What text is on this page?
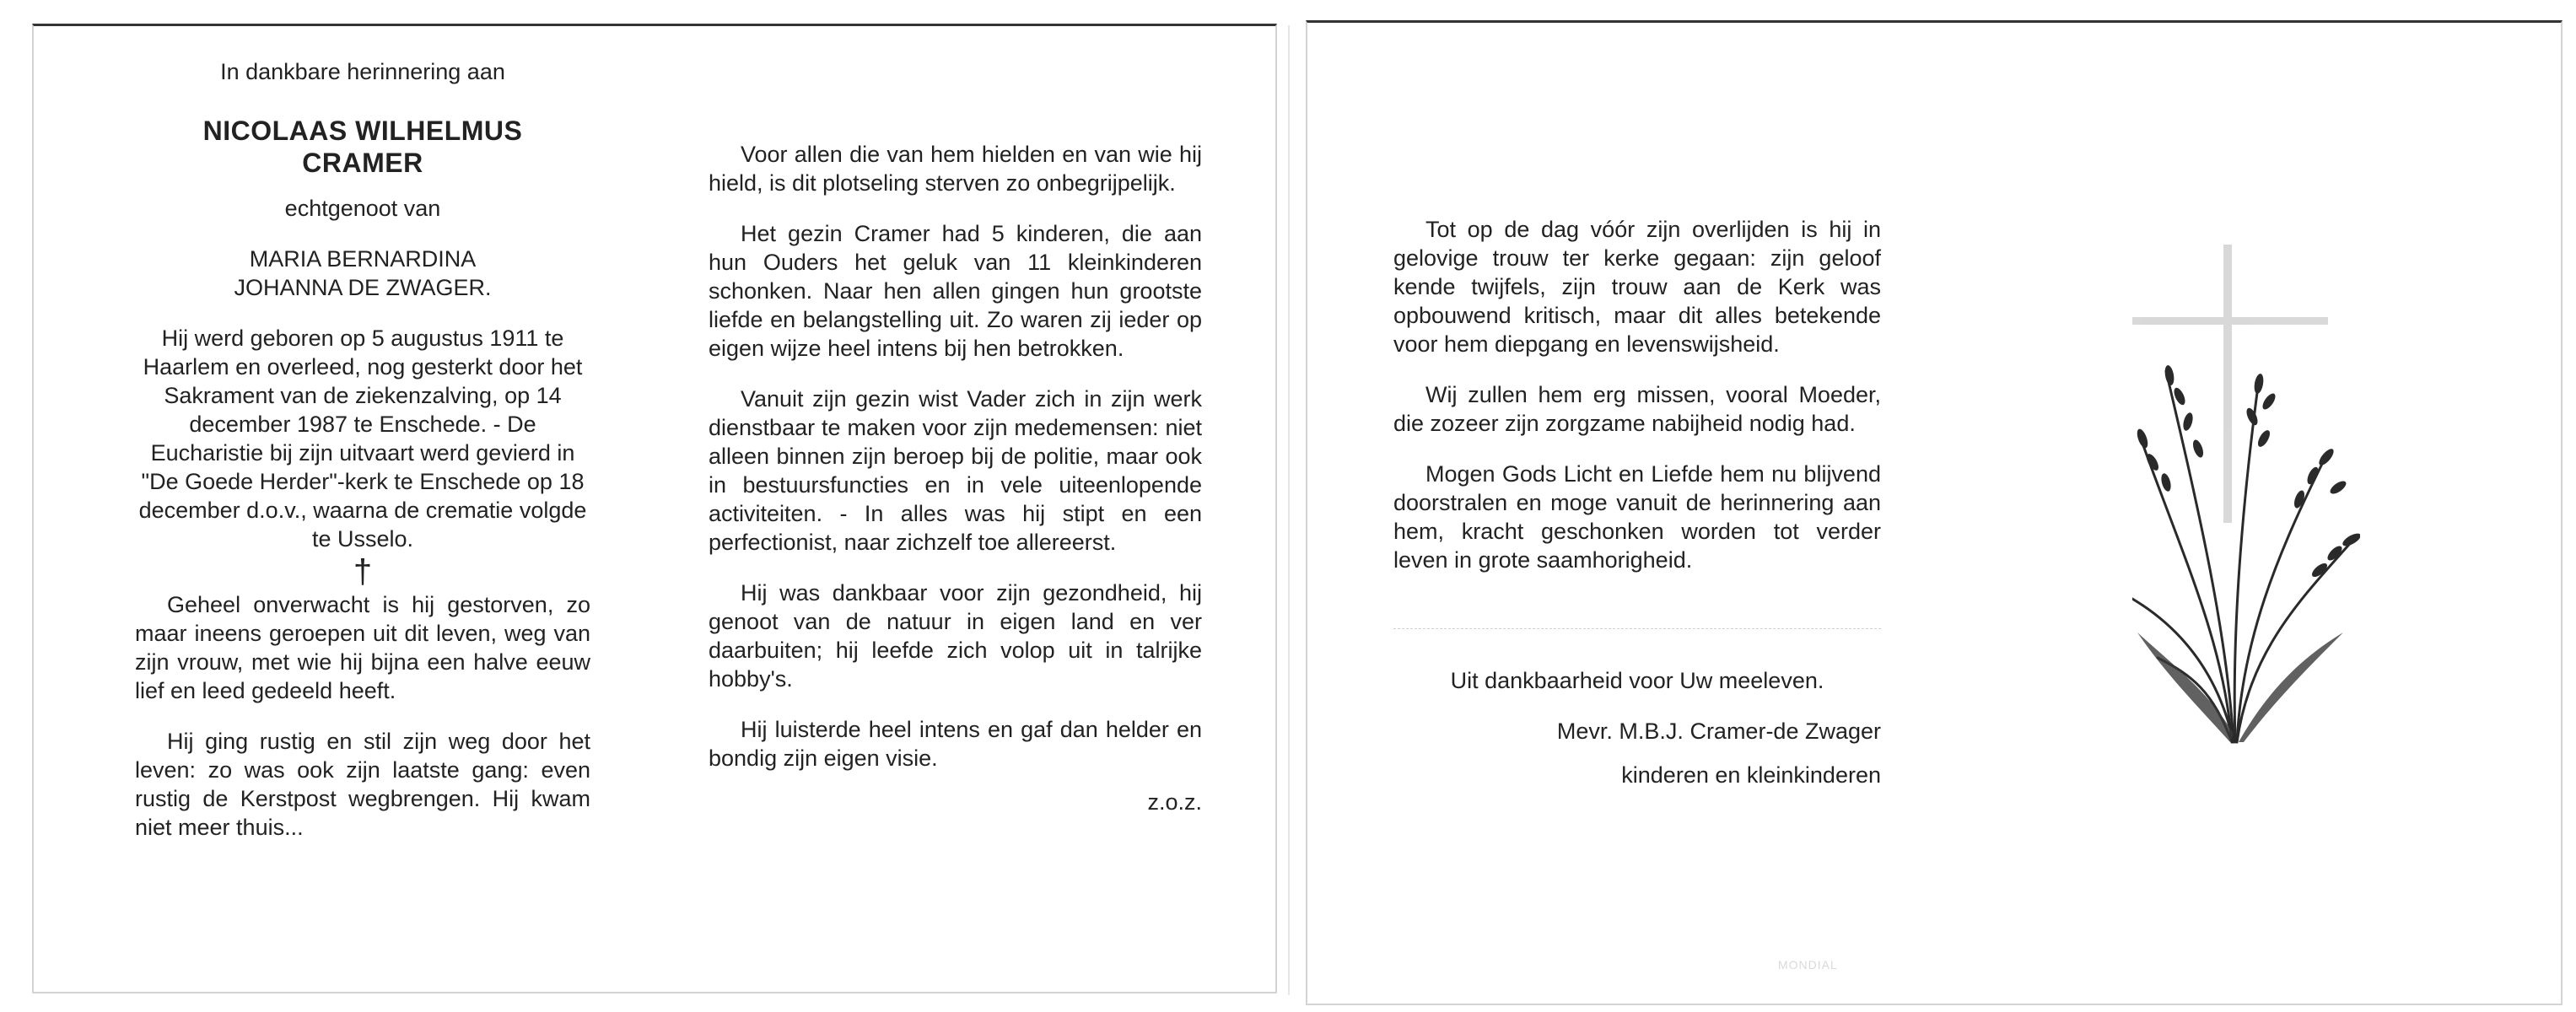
In dankbare herinnering aan

NICOLAAS WILHELMUS

CRAMER

echtgenoot van

MARIA BERNARDINA

JOHANNA DE ZWAGER.

Hij werd geboren op 5 augustus 1911 te Haarlem en overleed, nog gesterkt door het Sakrament van de ziekenzalving, op 14 december 1987 te Enschede. - De Eucharistie bij zijn uitvaart werd gevierd in "De Goede Herder"-kerk te Enschede op 18 december d.o.v., waarna de crematie volgde te Usselo.

†

Geheel onverwacht is hij gestorven, zo maar ineens geroepen uit dit leven, weg van zijn vrouw, met wie hij bijna een halve eeuw lief en leed gedeeld heeft.

Hij ging rustig en stil zijn weg door het leven: zo was ook zijn laatste gang: even rustig de Kerstpost wegbrengen. Hij kwam niet meer thuis...

Voor allen die van hem hielden en van wie hij hield, is dit plotseling sterven zo onbegrijpelijk.

Het gezin Cramer had 5 kinderen, die aan hun Ouders het geluk van 11 kleinkinderen schonken. Naar hen allen gingen hun grootste liefde en belangstelling uit. Zo waren zij ieder op eigen wijze heel intens bij hen betrokken.

Vanuit zijn gezin wist Vader zich in zijn werk dienstbaar te maken voor zijn medemensen: niet alleen binnen zijn beroep bij de politie, maar ook in bestuursfuncties en in vele uiteenlopende activiteiten. - In alles was hij stipt en een perfectionist, naar zichzelf toe allereerst.

Hij was dankbaar voor zijn gezondheid, hij genoot van de natuur in eigen land en ver daarbuiten; hij leefde zich volop uit in talrijke hobby's.

Hij luisterde heel intens en gaf dan helder en bondig zijn eigen visie.

z.o.z.

Tot op de dag vóór zijn overlijden is hij in gelovige trouw ter kerke gegaan: zijn geloof kende twijfels, zijn trouw aan de Kerk was opbouwend kritisch, maar dit alles betekende voor hem diepgang en levenswijsheid.

Wij zullen hem erg missen, vooral Moeder, die zozeer zijn zorgzame nabijheid nodig had.

Mogen Gods Licht en Liefde hem nu blijvend doorstralen en moge vanuit de herinnering aan hem, kracht geschonken worden tot verder leven in grote saamhorigheid.

Uit dankbaarheid voor Uw meeleven.

Mevr. M.B.J. Cramer-de Zwager

kinderen en kleinkinderen

MONDIAL
